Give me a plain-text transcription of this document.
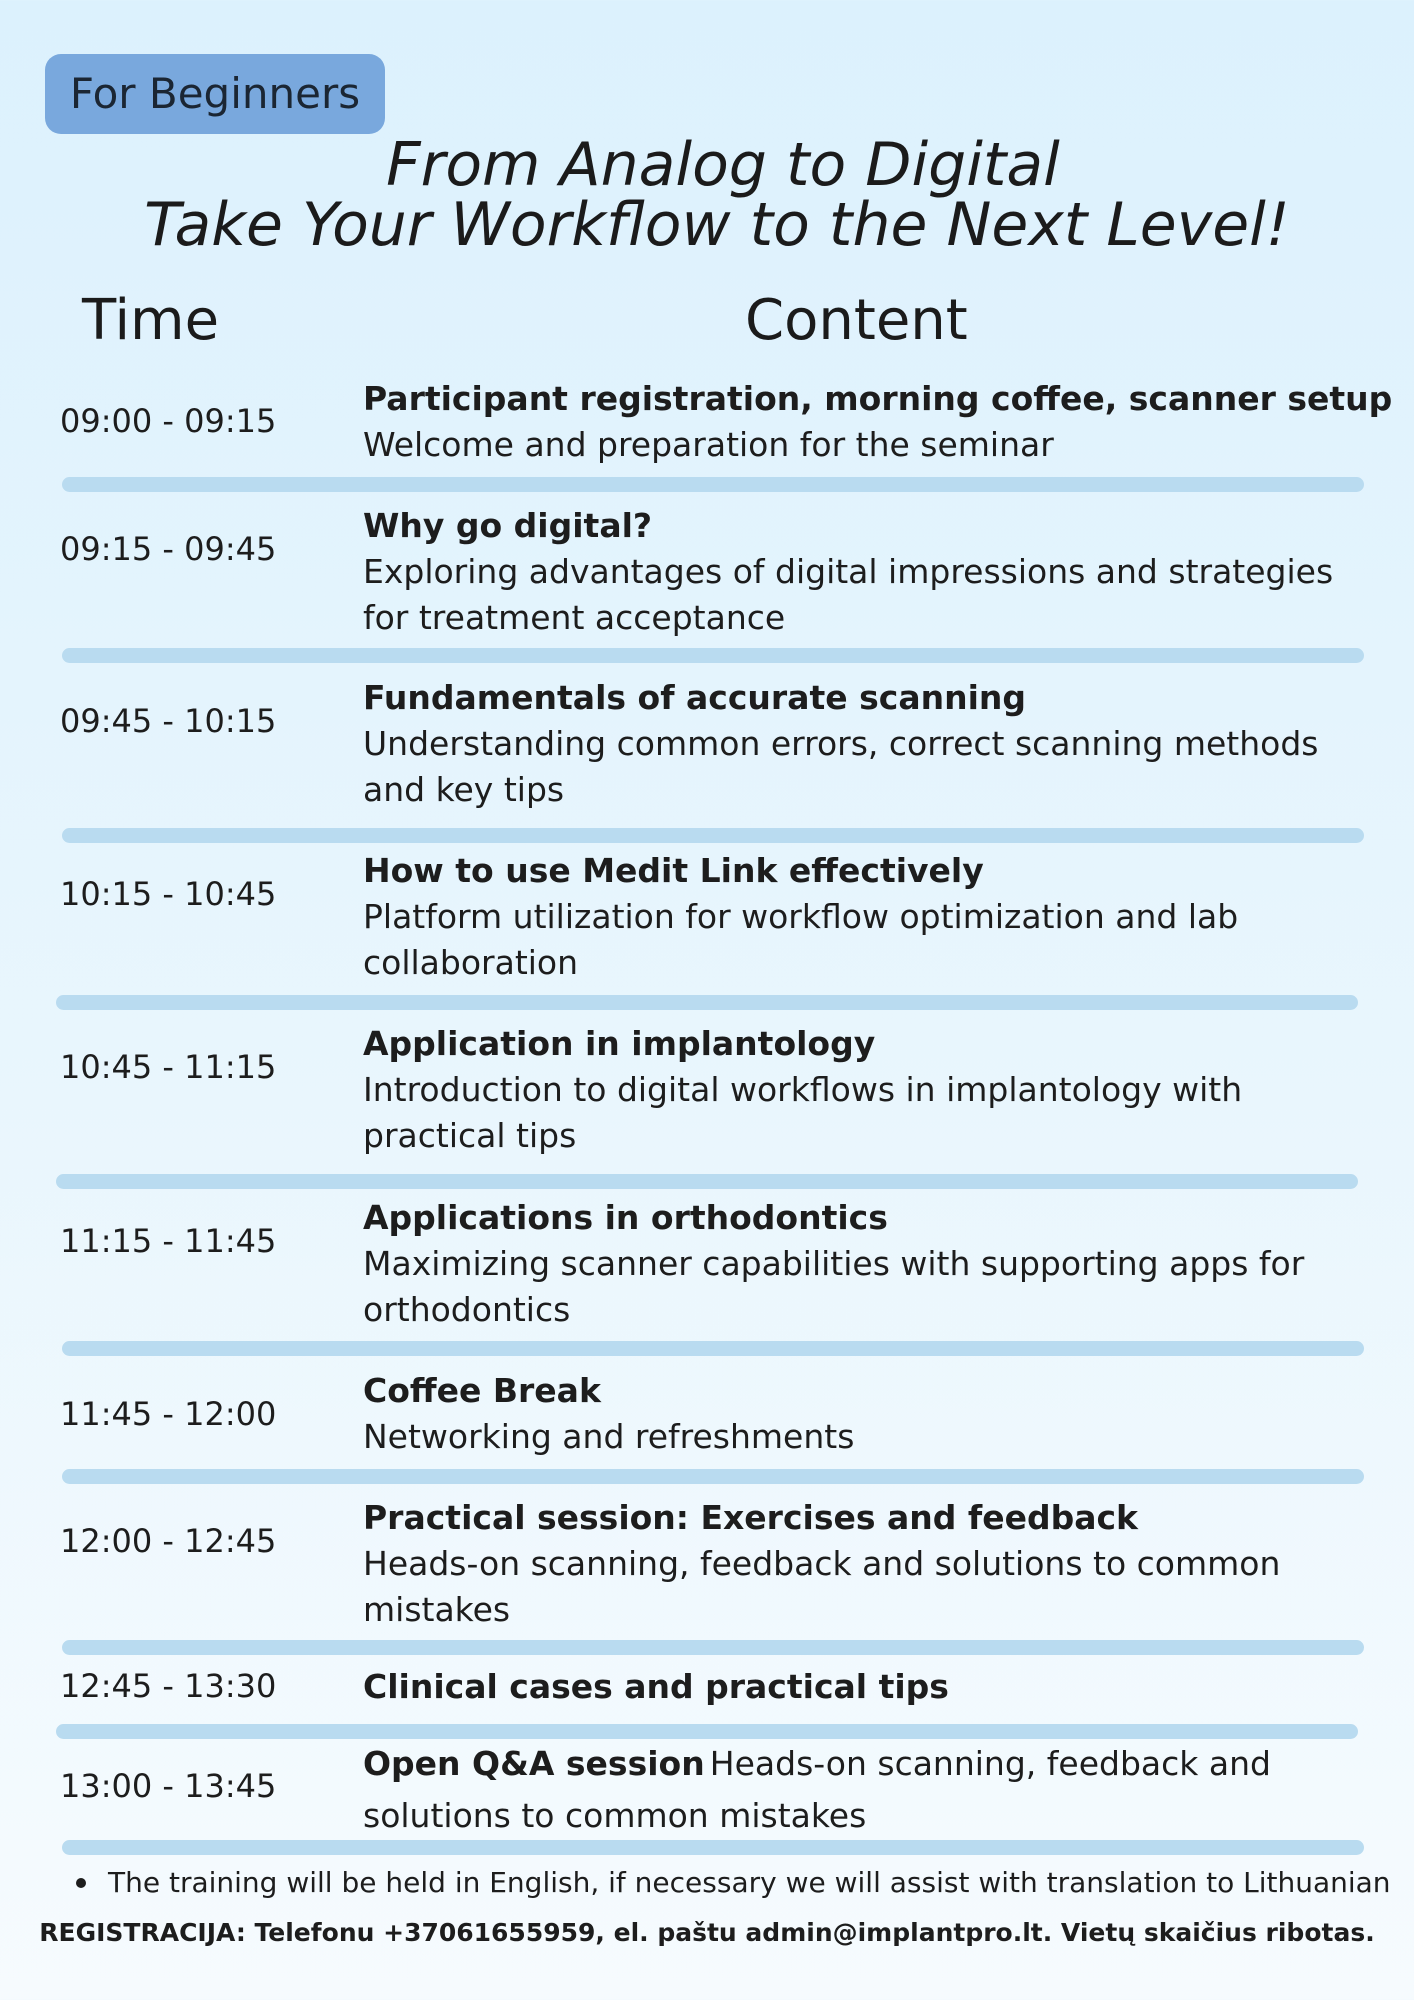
For Beginners
From Analog to Digital
Take Your Workflow to the Next Level!
Time	Content
09:00 - 09:15
Participant registration, morning coffee, scanner setup
Welcome and preparation for the seminar
09:15 - 09:45
Why go digital?
Exploring advantages of digital impressions and strategies for treatment acceptance
09:45 - 10:15
Fundamentals of accurate scanning
Understanding common errors, correct scanning methods and key tips
10:15 - 10:45
How to use Medit Link effectively
Platform utilization for workflow optimization and lab collaboration
10:45 - 11:15
Application in implantology
Introduction to digital workflows in implantology with practical tips
11:15 - 11:45
Applications in orthodontics
Maximizing scanner capabilities with supporting apps for orthodontics
11:45 - 12:00
Coffee Break
Networking and refreshments
12:00 - 12:45
Practical session: Exercises and feedback
Heads-on scanning, feedback and solutions to common mistakes
12:45 - 13:30	Clinical cases and practical tips
13:00 - 13:45
Open Q&A session Heads-on scanning, feedback and solutions to common mistakes
The training will be held in English, if necessary we will assist with translation to Lithuanian
REGISTRACIJA: Telefonu +37061655959, el. paštu admin@implantpro.lt. Vietų skaičius ribotas.
